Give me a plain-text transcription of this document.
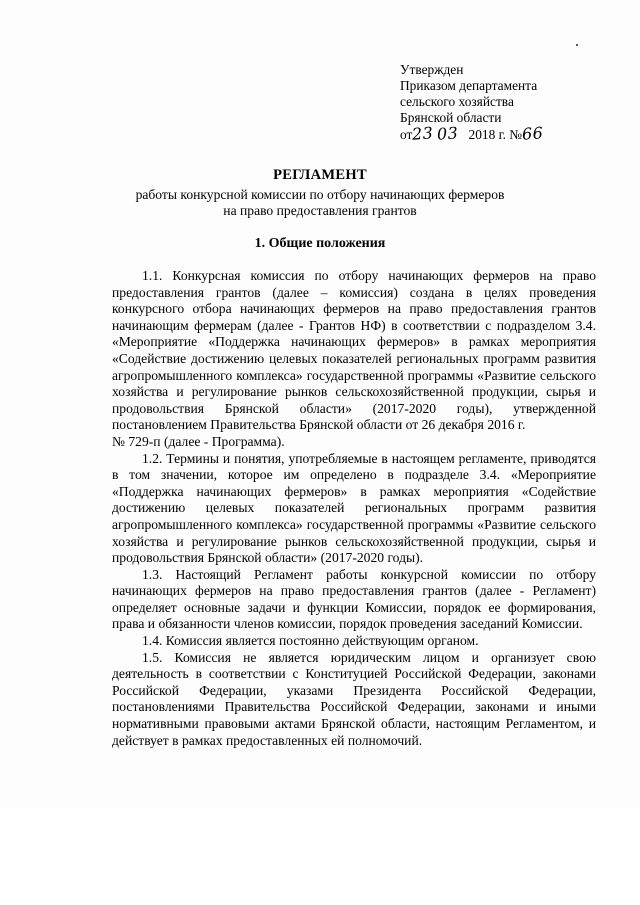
Утвержден
Приказом департамента
сельского хозяйства
Брянской области
от23 03 2018 г. №66
РЕГЛАМЕНТ
работы конкурсной комиссии по отбору начинающих фермеров
на право предоставления грантов
1. Общие положения

1.1. Конкурсная комиссия по отбору начинающих фермеров на право предоставления грантов (далее – комиссия) создана в целях проведения конкурсного отбора начинающих фермеров на право предоставления грантов начинающим фермерам (далее - Грантов НФ) в соответствии с подразделом 3.4. «Мероприятие «Поддержка начинающих фермеров» в рамках мероприятия «Содействие достижению целевых показателей региональных программ развития агропромышленного комплекса» государственной программы «Развитие сельского хозяйства и регулирование рынков сельскохозяйственной продукции, сырья и продовольствия Брянской области» (2017-2020 годы), утвержденной постановлением Правительства Брянской области от 26 декабря 2016 г.

№ 729-п (далее - Программа).

1.2. Термины и понятия, употребляемые в настоящем регламенте, приводятся в том значении, которое им определено в подразделе 3.4. «Мероприятие «Поддержка начинающих фермеров» в рамках мероприятия «Содействие достижению целевых показателей региональных программ развития агропромышленного комплекса» государственной программы «Развитие сельского хозяйства и регулирование рынков сельскохозяйственной продукции, сырья и продовольствия Брянской области» (2017-2020 годы).

1.3. Настоящий Регламент работы конкурсной комиссии по отбору начинающих фермеров на право предоставления грантов (далее - Регламент) определяет основные задачи и функции Комиссии, порядок ее формирования, права и обязанности членов комиссии, порядок проведения заседаний Комиссии.

1.4. Комиссия является постоянно действующим органом.

1.5. Комиссия не является юридическим лицом и организует свою деятельность в соответствии с Конституцией Российской Федерации, законами Российской Федерации, указами Президента Российской Федерации, постановлениями Правительства Российской Федерации, законами и иными нормативными правовыми актами Брянской области, настоящим Регламентом, и действует в рамках предоставленных ей полномочий.
